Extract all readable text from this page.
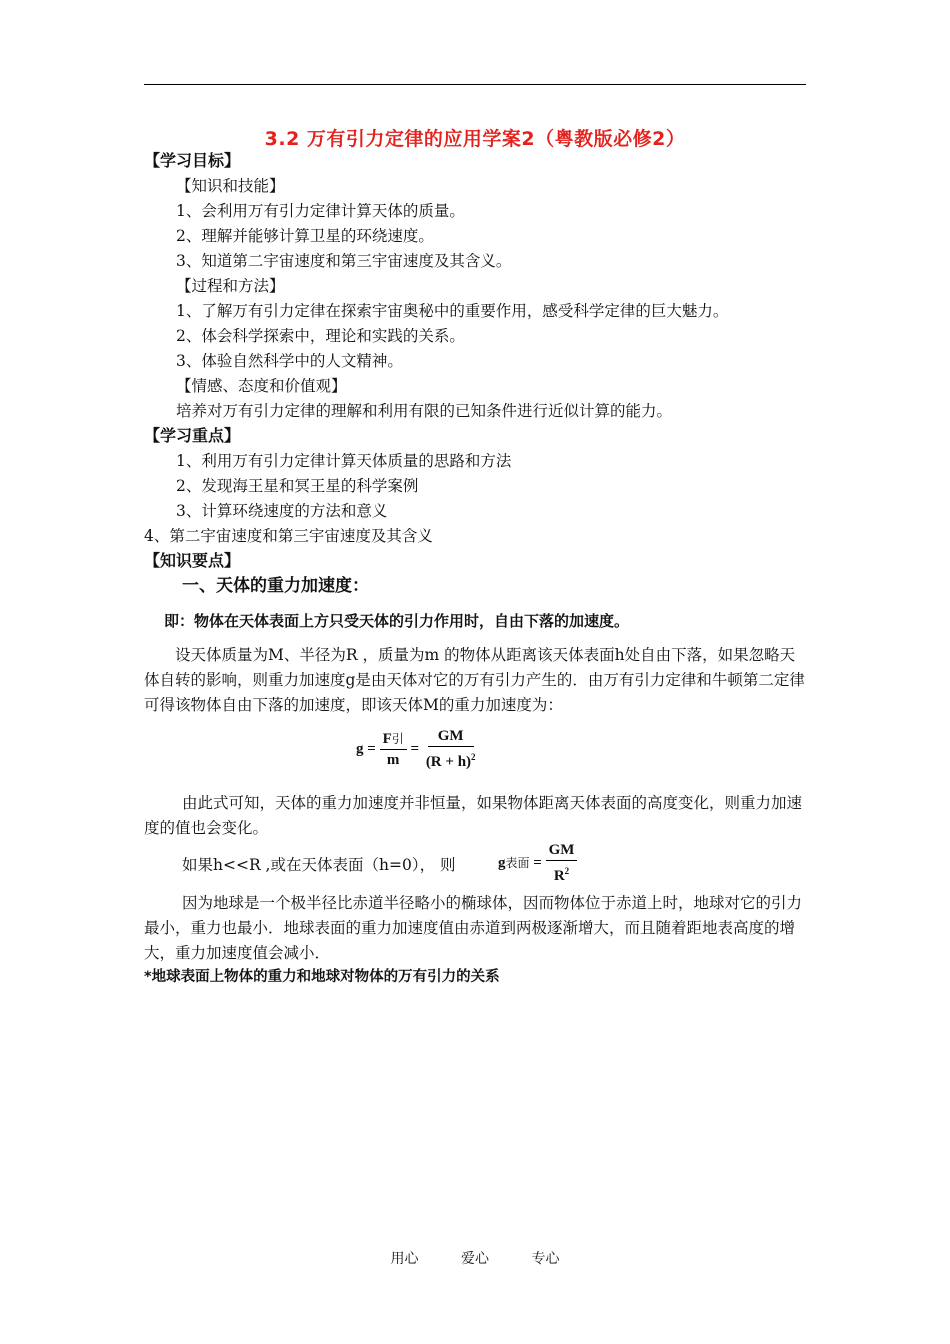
3.2 万有引力定律的应用学案2（粤教版必修2）
【学习目标】
【知识和技能】
1、会利用万有引力定律计算天体的质量。
2、理解并能够计算卫星的环绕速度。
3、知道第二宇宙速度和第三宇宙速度及其含义。
【过程和方法】
1、了解万有引力定律在探索宇宙奥秘中的重要作用，感受科学定律的巨大魅力。
2、体会科学探索中，理论和实践的关系。
3、体验自然科学中的人文精神。
【情感、态度和价值观】
培养对万有引力定律的理解和利用有限的已知条件进行近似计算的能力。
【学习重点】
1、利用万有引力定律计算天体质量的思路和方法
2、发现海王星和冥王星的科学案例
3、计算环绕速度的方法和意义
4、第二宇宙速度和第三宇宙速度及其含义
【知识要点】
一、天体的重力加速度：
即：物体在天体表面上方只受天体的引力作用时，自由下落的加速度。
设天体质量为M、半径为R ，质量为m 的物体从距离该天体表面h处自由下落，如果忽略天体自转的影响，则重力加速度g是由天体对它的万有引力产生的．由万有引力定律和牛顿第二定律可得该物体自由下落的加速度，即该天体M的重力加速度为：
$g = \frac{\text{F引}}{m} = \frac{GM}{(R + h)^2}$
由此式可知，天体的重力加速度并非恒量，如果物体距离天体表面的高度变化，则重力加速度的值也会变化。
如果h<<R ,或在天体表面（h=0）， 则	g表面 = $\frac{GM}{R^2}$
因为地球是一个极半径比赤道半径略小的椭球体，因而物体位于赤道上时，地球对它的引力最小，重力也最小．地球表面的重力加速度值由赤道到两极逐渐增大，而且随着距地表高度的增大，重力加速度值会减小．
*地球表面上物体的重力和地球对物体的万有引力的关系
用心	爱心	专心
